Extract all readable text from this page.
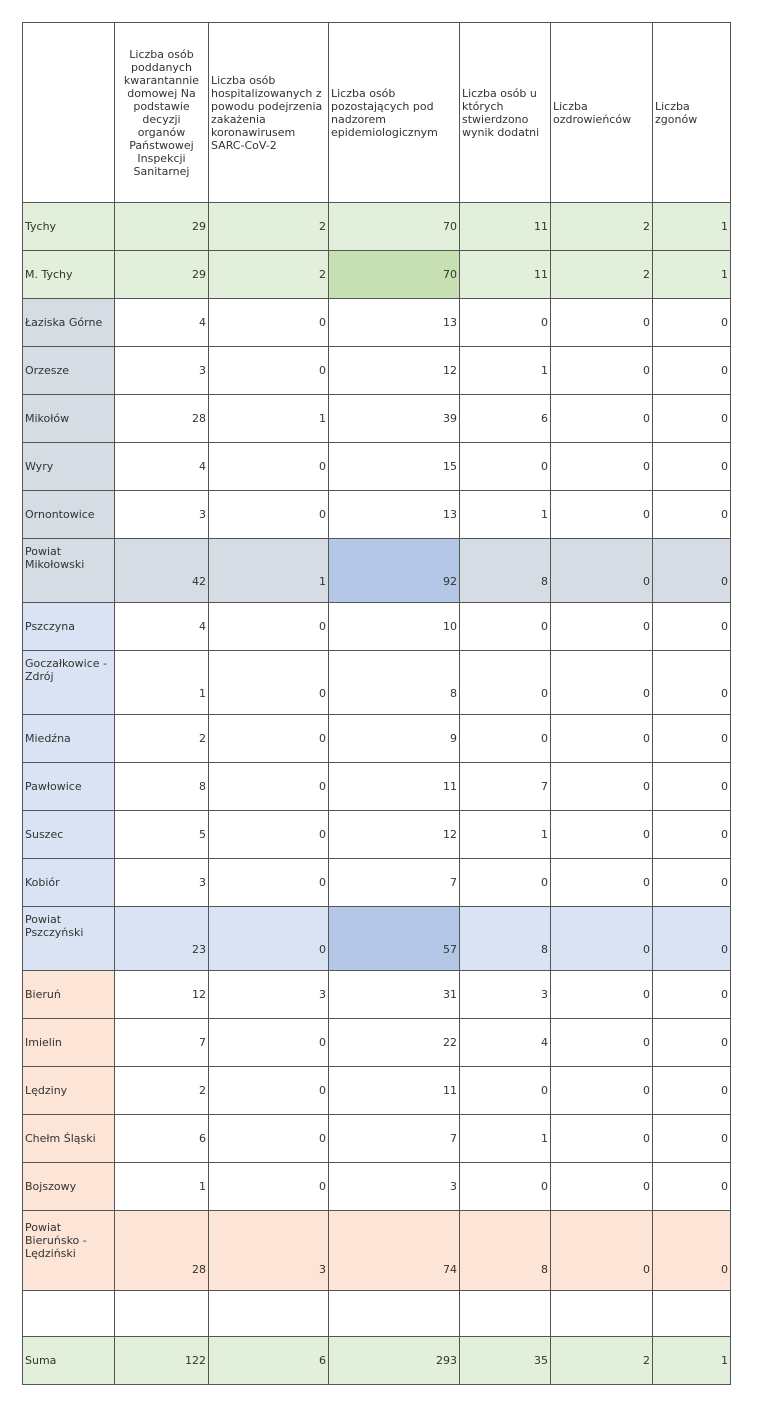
	Liczba osób poddanych kwarantannie domowej Na podstawie decyzji organów Państwowej Inspekcji Sanitarnej	Liczba osób hospitalizowanych z powodu podejrzenia zakażenia koronawirusem SARC-CoV-2	Liczba osób pozostających pod nadzorem epidemiologicznym	Liczba osób u których stwierdzono wynik dodatni	Liczba ozdrowieńców	Liczba zgonów
Tychy	29	2	70	11	2	1
M. Tychy	29	2	70	11	2	1
Łaziska Górne	4	0	13	0	0	0
Orzesze	3	0	12	1	0	0
Mikołów	28	1	39	6	0	0
Wyry	4	0	15	0	0	0
Ornontowice	3	0	13	1	0	0
Powiat Mikołowski	42	1	92	8	0	0
Pszczyna	4	0	10	0	0	0
Goczałkowice - Zdrój	1	0	8	0	0	0
Miedźna	2	0	9	0	0	0
Pawłowice	8	0	11	7	0	0
Suszec	5	0	12	1	0	0
Kobiór	3	0	7	0	0	0
Powiat Pszczyński	23	0	57	8	0	0
Bieruń	12	3	31	3	0	0
Imielin	7	0	22	4	0	0
Lędziny	2	0	11	0	0	0
Chełm Śląski	6	0	7	1	0	0
Bojszowy	1	0	3	0	0	0
Powiat Bieruńsko - Lędziński	28	3	74	8	0	0

Suma	122	6	293	35	2	1
